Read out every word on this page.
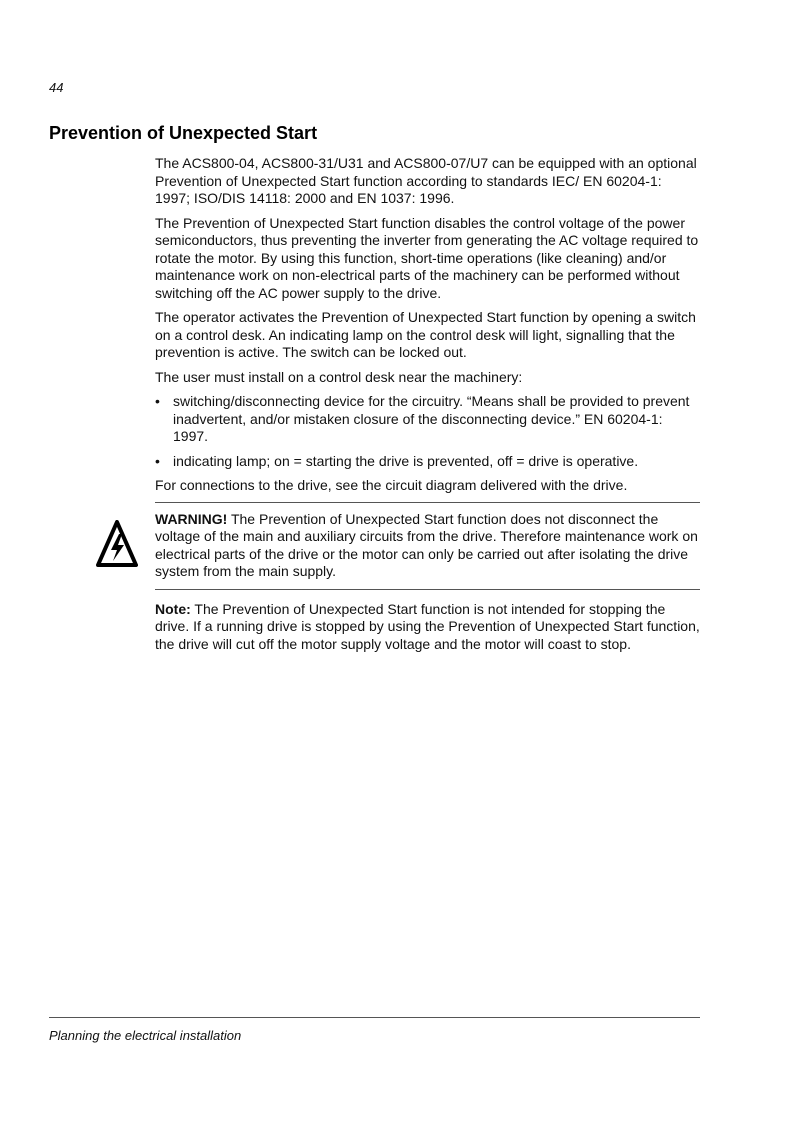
44
Prevention of Unexpected Start

The ACS800-04, ACS800-31/U31 and ACS800-07/U7 can be equipped with an optional Prevention of Unexpected Start function according to standards IEC/ EN 60204-1: 1997; ISO/DIS 14118: 2000 and EN 1037: 1996.

The Prevention of Unexpected Start function disables the control voltage of the power semiconductors, thus preventing the inverter from generating the AC voltage required to rotate the motor. By using this function, short-time operations (like cleaning) and/or maintenance work on non-electrical parts of the machinery can be performed without switching off the AC power supply to the drive.

The operator activates the Prevention of Unexpected Start function by opening a switch on a control desk. An indicating lamp on the control desk will light, signalling that the prevention is active. The switch can be locked out.

The user must install on a control desk near the machinery:

• switching/disconnecting device for the circuitry. “Means shall be provided to prevent inadvertent, and/or mistaken closure of the disconnecting device.” EN 60204-1: 1997.
• indicating lamp; on = starting the drive is prevented, off = drive is operative.

For connections to the drive, see the circuit diagram delivered with the drive.

WARNING! The Prevention of Unexpected Start function does not disconnect the voltage of the main and auxiliary circuits from the drive. Therefore maintenance work on electrical parts of the drive or the motor can only be carried out after isolating the drive system from the main supply.

Note: The Prevention of Unexpected Start function is not intended for stopping the drive. If a running drive is stopped by using the Prevention of Unexpected Start function, the drive will cut off the motor supply voltage and the motor will coast to stop.

Planning the electrical installation
